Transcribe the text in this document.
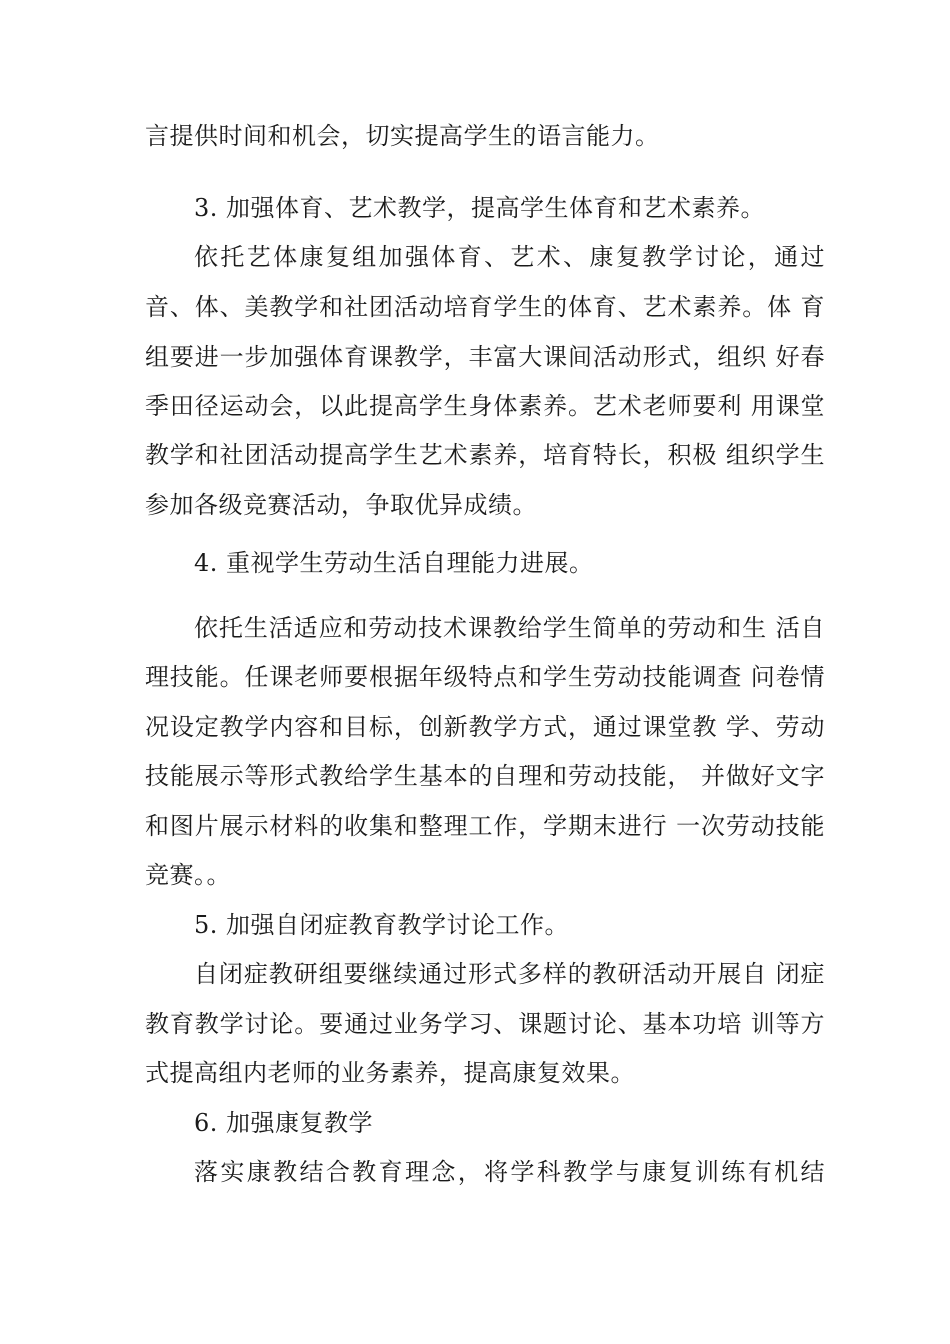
言提供时间和机会，切实提高学生的语言能力。
3. 加强体育、艺术教学，提高学生体育和艺术素养。
依托艺体康复组加强体育、艺术、康复教学讨论，通过
音、体、美教学和社团活动培育学生的体育、艺术素养。体 育
组要进一步加强体育课教学，丰富大课间活动形式，组织 好春
季田径运动会，以此提高学生身体素养。艺术老师要利 用课堂
教学和社团活动提高学生艺术素养，培育特长，积极 组织学生
参加各级竞赛活动，争取优异成绩。
4. 重视学生劳动生活自理能力进展。
依托生活适应和劳动技术课教给学生简单的劳动和生 活自
理技能。任课老师要根据年级特点和学生劳动技能调查 问卷情
况设定教学内容和目标，创新教学方式，通过课堂教 学、劳动
技能展示等形式教给学生基本的自理和劳动技能， 并做好文字
和图片展示材料的收集和整理工作，学期末进行 一次劳动技能
竞赛。。
5. 加强自闭症教育教学讨论工作。
自闭症教研组要继续通过形式多样的教研活动开展自 闭症
教育教学讨论。要通过业务学习、课题讨论、基本功培 训等方
式提高组内老师的业务素养，提高康复效果。
6. 加强康复教学
落实康教结合教育理念，将学科教学与康复训练有机结
